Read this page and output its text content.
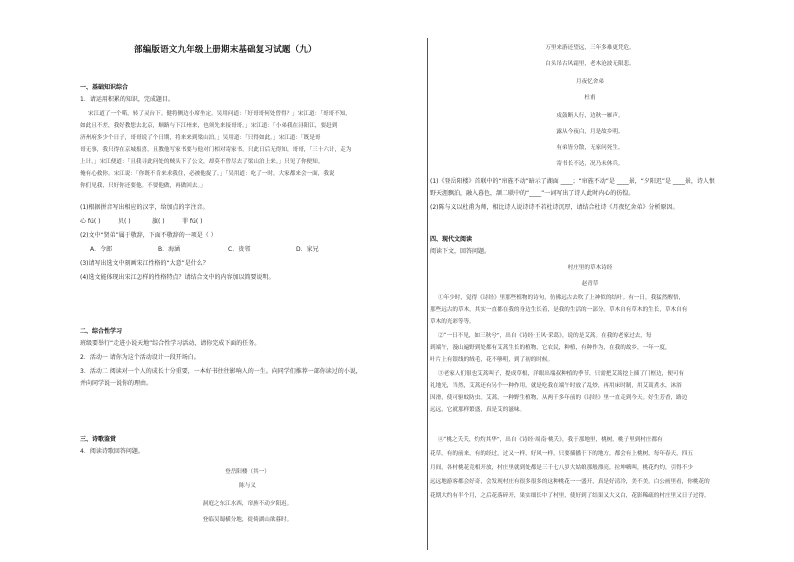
部编版语文九年级上册期末基础复习试题（九）
一、基础知识综合
1．请运用积累的知识，完成题目。
宋江道了一个喏，转了灵台下。健将侧边小席坐定。吴用问道：「好哥哥何处曾得？」宋江道：「哥哥不知，
如此且不差，我好教您去北京，顺路与下江州来，也须先来接哥哥。」宋江道：「小弟我在浔阳江，要赶到
济州府多少个日子，哥哥说了个日期，将来来到梁山泊。」吴用道：「只得如此。」宋江道：「既是哥
哥无事，我只得在京城报喜，且教他写家书要与他对门相对寄家书。只此日后无得知，哥哥，「三十六计，走为
上计。」宋江便道：「且我寻此问处的贼头下了公文，却莫不曾尽去了梁山泊上来。」只见了你便知。
俺有心救你。宋江说：「你既不肯来求我住，必被他捉了。」「吴用道：吃了一时，大家都来会一面，我说
你们见我，只好你还要他。不要他做，再做回去。」
(1)根据拼音写出相应的汉字，给加点的字注音。
心 fú( )	贝( )	旗( )	菲 fú( )
(2)文中“贤弟”属于敬辞，下面不敬辞的一项是（ ）
A．令郎	B．海涵	C．贵邻	D．家兄
(3)请写出选文中刻画宋江性格的“大意”是什么？
(4)选文能体现出宋江怎样的性格特点？请结合文中的内容加以简要说明。
二、综合性学习
班级要举行“走进小说天地”综合性学习活动，请你完成下面的任务。
2．活动一 请你为这个活动设计一段开场白。
3．活动二 阅读对一个人的成长十分重要，一本好书往往影响人的一生。向同学们推荐一部你读过的小说，
并向同学说一说你的理由。
三、诗歌鉴赏
4．阅读诗歌回答问题。
登岳阳楼（其一）
陈与义
洞庭之东江水西，帘旌不动夕阳迟。
登临吴蜀横分地，徙倚湖山欲暮时。
万里来游还望远，三年多难更凭危。
白头吊古风霜里，老木沧波无限悲。
月夜忆舍弟
杜甫
戍鼓断人行，边秋一雁声。
露从今夜白，月是故乡明。
有弟皆分散，无家问死生。
寄书长不达，况乃未休兵。
(1)《登岳阳楼》首联中的“帘旌不动”暗示了湖面 ____；“帘旌不动”是 ____景，“夕阳迟”是 ____景，诗人恨
野天涯飘泊，融入暮色，颔二联中的“____”一词写出了诗人此时内心的彷徨。
(2)陈与义以杜甫为师，相比诗人说诗诗不若杜诗沉厚，请结合杜诗《月夜忆舍弟》分析原因。
四、现代文阅读
阅读下文，回答问题。
村庄里的草木诗经
赵青草
①年少时，觉得《诗经》里那些植物的诗句，仿佛远古去吹了上神似的结叶。有一日，我猛然醒悟，
那些远古的草木，其实一直都在我的身边生长着，是我的生活的一部分。草木自有草木的生长，草木自有
草木的光彩等等。
②“一日不见，如三秋兮”，出自《诗经·王风·采葛》，说的是艾蒿。在我的老家过去，每
到端午，漫山遍野到处都有艾蒿生长的植物，它农民，种植，有种作为，在我的故乡，一年一度，
叶片上有银线的绒毛，花不够明，到了初的时候。
③老家人们很也艾蒿叫子，提成草根，洋眼出端叔种植的季节，只需把艾蒿挖上插了门框边，便可有
礼地光，当然，艾蒿还有另个一种作用，就是吃我在端午时放了乱炒，再用床时制，用艾蒿煮水，沐浴
因滑，使可驱蚊防虫。艾蒿，一种野生植物，从两千多年前的《诗经》里一直走到今天。好生芳香，路边
远远，它就那样繁盛，真是艾的滋味。
④“桃之夭夭，灼灼其华”，出自《诗经·周南·桃夭》，我于那地里，桃树，桃子里到村庄都有
花草。有的前来，有的经过，过又一样，好风一样，只要插播于下的地方，都会有上桃树，每年春天，四五
月间，各村桃花竞相开放，村庄里就到处都是三千七八岁大姑娘那般漂亮，拉坤嗨叫，桃花灼灼，引得不少
远远地游客都会好奇，会发现村庄有很多很多的这种桃花一一盛开，真是好清冷，美不美。白公画里看，你桃花的
花期大约有半个月，之后花落碎开，果实细长中了村里，使好到了结果又大又白，花影稀疏的村庄里又日子过得。
